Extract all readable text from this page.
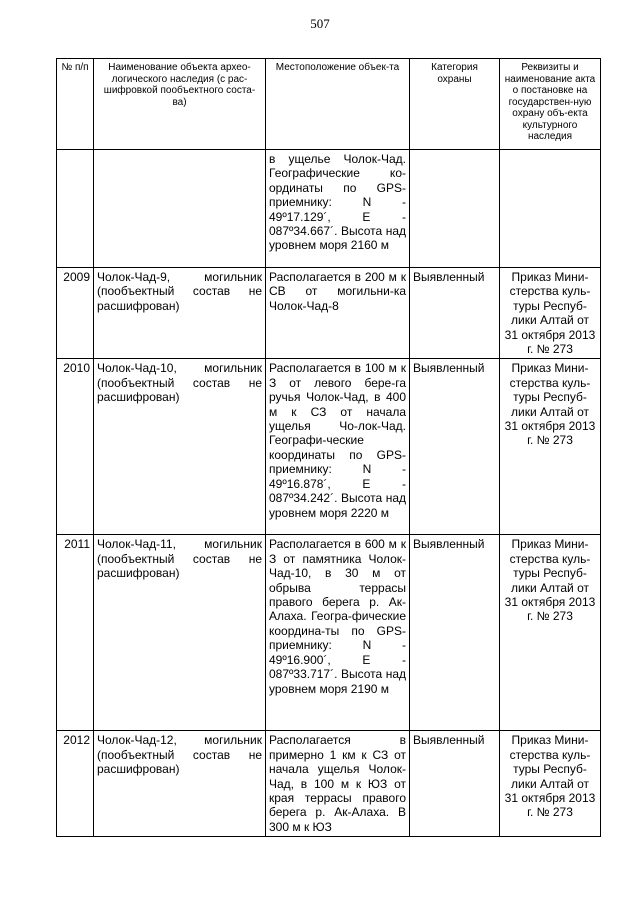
507
№ п/п	Наименование объекта архео-логического наследия (с рас-шифровкой пообъектного соста-ва)	Местоположение объек-та	Категория охраны	Реквизиты и наименование акта о постановке на государствен-ную охрану объ-екта культурного наследия
		в ущелье Чолок-Чад. Географические ко-ординаты по GPS-приемнику: N - 49º17.129´, E - 087º34.667´. Высота над уровнем моря 2160 м		
2009	Чолок-Чад-9, могильник (пообъектный состав не расшифрован)	Располагается в 200 м к СВ от могильни-ка Чолок-Чад-8	Выявленный	Приказ Мини-стерства куль-туры Респуб-лики Алтай от 31 октября 2013 г. № 273
2010	Чолок-Чад-10, могильник (пообъектный состав не расшифрован)	Располагается в 100 м к З от левого бере-га ручья Чолок-Чад, в 400 м к СЗ от начала ущелья Чо-лок-Чад. Географи-ческие координаты по GPS-приемнику: N - 49º16.878´, E - 087º34.242´. Высота над уровнем моря 2220 м	Выявленный	Приказ Мини-стерства куль-туры Респуб-лики Алтай от 31 октября 2013 г. № 273
2011	Чолок-Чад-11, могильник (пообъектный состав не расшифрован)	Располагается в 600 м к З от памятника Чолок-Чад-10, в 30 м от обрыва террасы правого берега р. Ак-Алаха. Геогра-фические координа-ты по GPS-приемнику: N - 49º16.900´, E - 087º33.717´. Высота над уровнем моря 2190 м	Выявленный	Приказ Мини-стерства куль-туры Респуб-лики Алтай от 31 октября 2013 г. № 273
2012	Чолок-Чад-12, могильник (пообъектный состав не расшифрован)	Располагается в примерно 1 км к СЗ от начала ущелья Чолок-Чад, в 100 м к ЮЗ от края террасы правого берега р. Ак-Алаха. В 300 м к ЮЗ	Выявленный	Приказ Мини-стерства куль-туры Респуб-лики Алтай от 31 октября 2013 г. № 273
